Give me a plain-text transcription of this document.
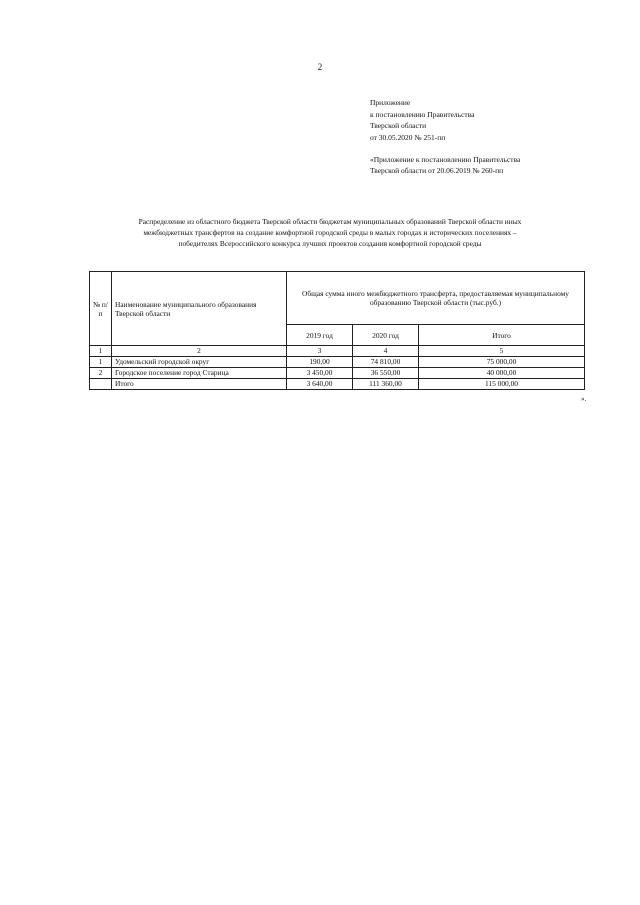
2
Приложение
к постановлению Правительства
Тверской области
от 30.05.2020 № 251-пп
«Приложение к постановлению Правительства
Тверской области от 20.06.2019 № 260-пп
Распределение из областного бюджета Тверской области бюджетам муниципальных образований Тверской области иных
межбюджетных трансфертов на создание комфортной городской среды в малых городах и исторических поселениях –
победителях Всероссийского конкурса лучших проектов создания комфортной городской среды
№ п/п	Наименование муниципального образования Тверской области	Общая сумма иного межбюджетного трансферта, предоставляемая муниципальному образованию Тверской области (тыс.руб.)		
		2019 год	2020 год	Итого
1	2	3	4	5
1	Удомельский городской округ	190,00	74 810,00	75 000,00
2	Городское поселение город Старица	3 450,00	36 550,00	40 000,00
	Итого	3 640,00	111 360,00	115 000,00
».
